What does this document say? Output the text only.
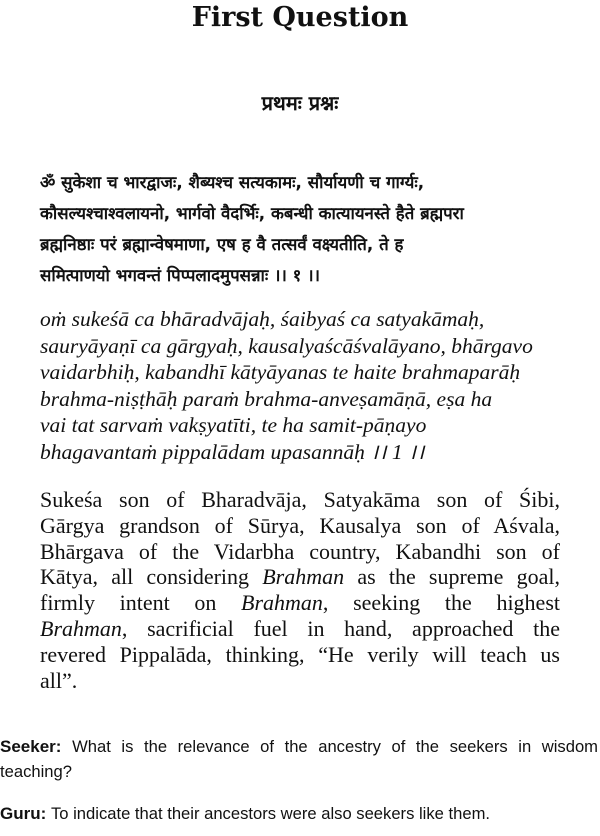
First Question
प्रथमः प्रश्नः
ॐ सुकेशा च भारद्वाजः, शैब्यश्च सत्यकामः, सौर्यायणी च गार्ग्यः,
कौसल्यश्चाश्वलायनो, भार्गवो वैदर्भिः, कबन्धी कात्यायनस्ते हैते ब्रह्मपरा
ब्रह्मनिष्ठाः परं ब्रह्मान्वेषमाणा, एष ह वै तत्सर्वं वक्ष्यतीति, ते ह
समित्पाणयो भगवन्तं पिप्पलादमुपसन्नाः ।। १ ।।
oṁ sukeśā ca bhāradvājaḥ, śaibyaś ca satyakāmaḥ,
sauryāyaṇī ca gārgyaḥ, kausalyaścāśvalāyano, bhārgavo
vaidarbhiḥ, kabandhī kātyāyanas te haite brahmaparāḥ
brahma-niṣṭhāḥ paraṁ brahma-anveṣamāṇā, eṣa ha
vai tat sarvaṁ vakṣyatīti, te ha samit-pāṇayo
bhagavantaṁ pippalādam upasannāḥ ।। 1 ।।
Sukeśa son of Bharadvāja, Satyakāma son of Śibi,
Gārgya grandson of Sūrya, Kausalya son of Aśvala,
Bhārgava of the Vidarbha country, Kabandhi son of
Kātya, all considering Brahman as the supreme goal,
firmly intent on Brahman, seeking the highest
Brahman, sacrificial fuel in hand, approached the
revered Pippalāda, thinking, “He verily will teach us
all”.
Seeker: What is the relevance of the ancestry of the seekers in wisdom
teaching?
Guru: To indicate that their ancestors were also seekers like them.
